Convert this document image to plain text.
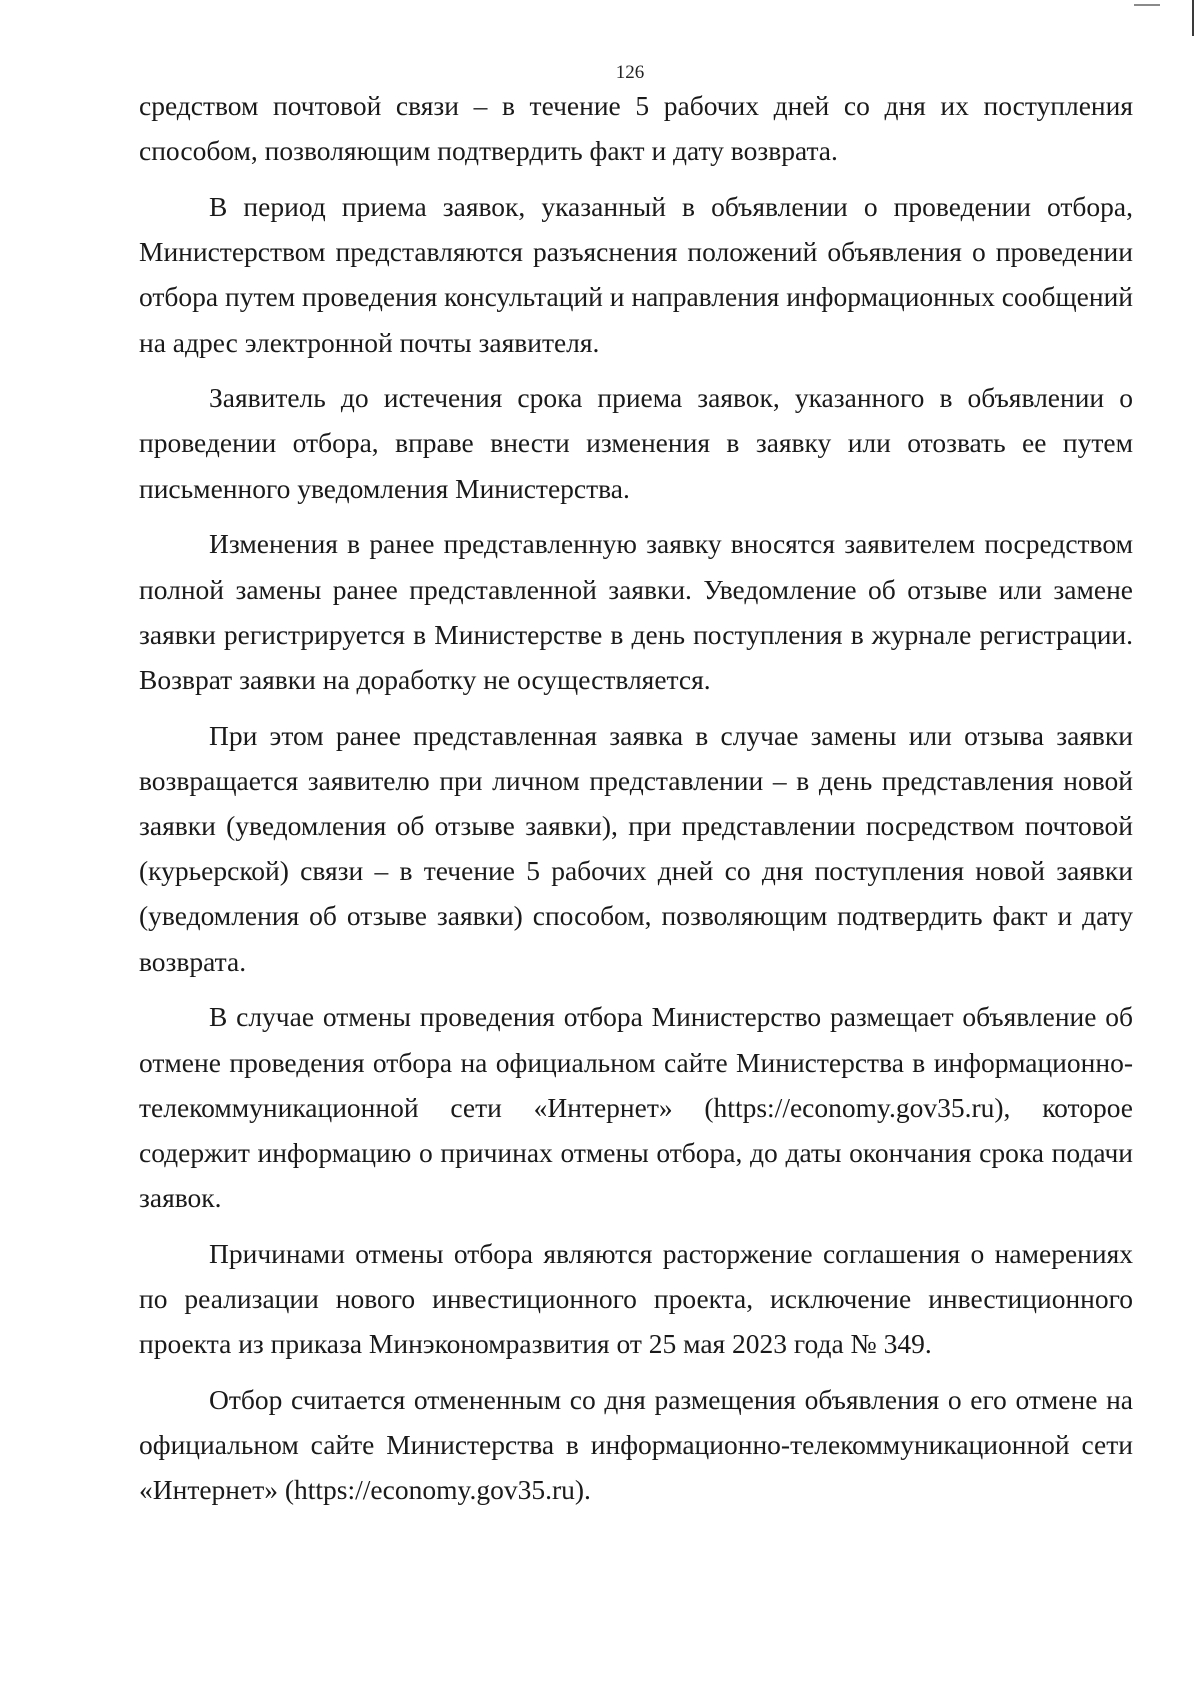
126

средством почтовой связи – в течение 5 рабочих дней со дня их поступления способом, позволяющим подтвердить факт и дату возврата.

В период приема заявок, указанный в объявлении о проведении отбора, Министерством представляются разъяснения положений объявления о проведении отбора путем проведения консультаций и направления информационных сообщений на адрес электронной почты заявителя.

Заявитель до истечения срока приема заявок, указанного в объявлении о проведении отбора, вправе внести изменения в заявку или отозвать ее путем письменного уведомления Министерства.

Изменения в ранее представленную заявку вносятся заявителем посредством полной замены ранее представленной заявки. Уведомление об отзыве или замене заявки регистрируется в Министерстве в день поступления в журнале регистрации. Возврат заявки на доработку не осуществляется.

При этом ранее представленная заявка в случае замены или отзыва заявки возвращается заявителю при личном представлении – в день представления новой заявки (уведомления об отзыве заявки), при представлении посредством почтовой (курьерской) связи – в течение 5 рабочих дней со дня поступления новой заявки (уведомления об отзыве заявки) способом, позволяющим подтвердить факт и дату возврата.

В случае отмены проведения отбора Министерство размещает объявление об отмене проведения отбора на официальном сайте Министерства в информационно-телекоммуникационной сети «Интернет» (https://economy.gov35.ru), которое содержит информацию о причинах отмены отбора, до даты окончания срока подачи заявок.

Причинами отмены отбора являются расторжение соглашения о намерениях по реализации нового инвестиционного проекта, исключение инвестиционного проекта из приказа Минэкономразвития от 25 мая 2023 года № 349.

Отбор считается отмененным со дня размещения объявления о его отмене на официальном сайте Министерства в информационно-телекоммуникационной сети «Интернет» (https://economy.gov35.ru).
